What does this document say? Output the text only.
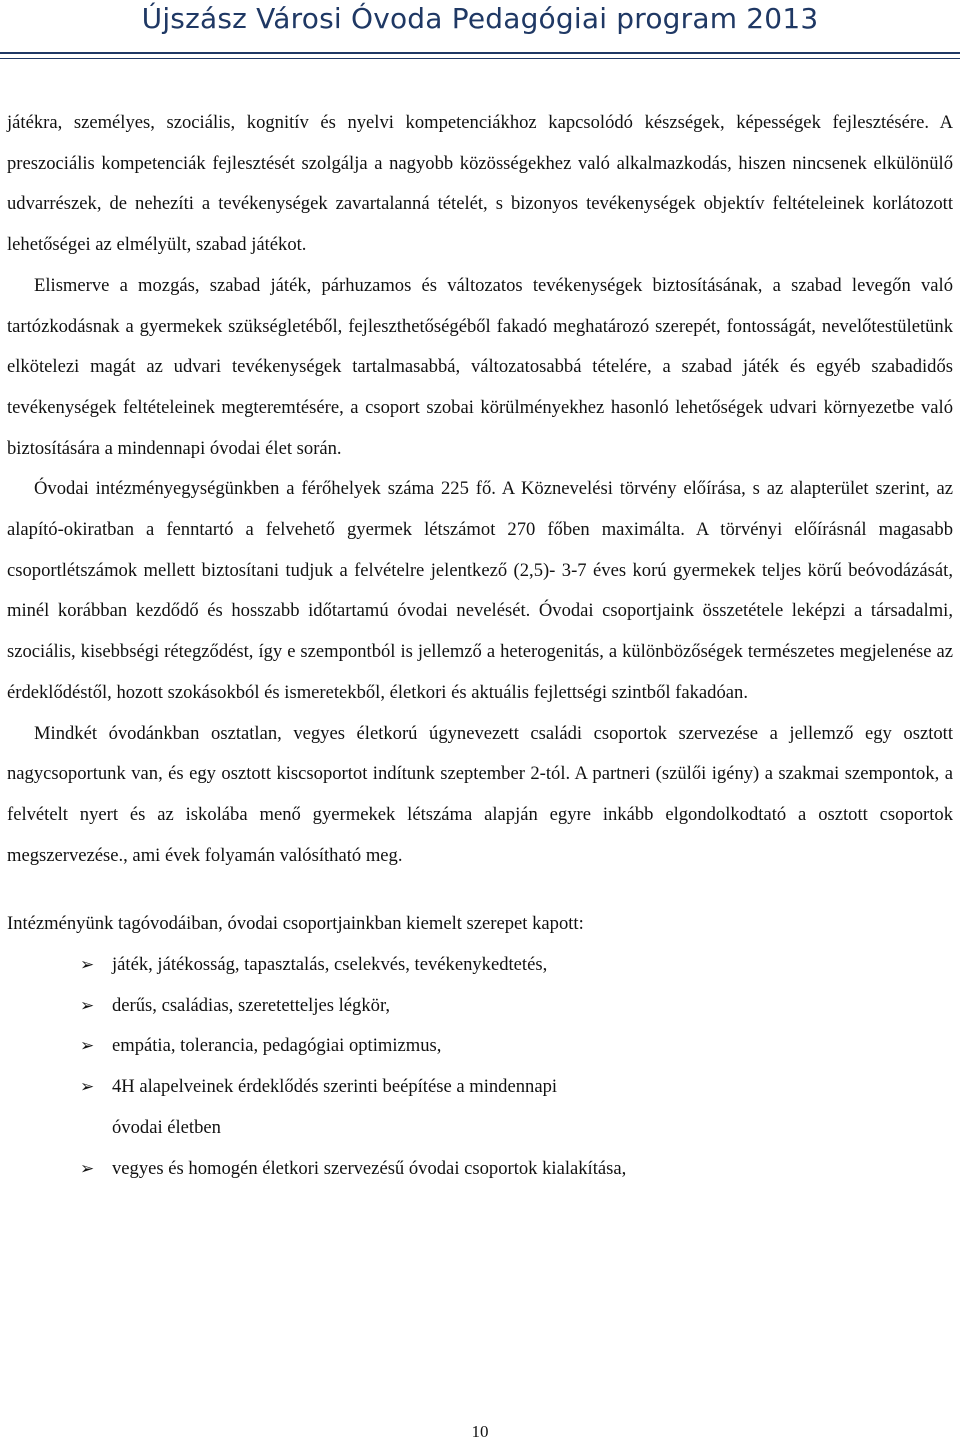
Újszász Városi Óvoda Pedagógiai program 2013

játékra, személyes, szociális, kognitív és nyelvi kompetenciákhoz kapcsolódó készségek, képességek fejlesztésére. A preszociális kompetenciák fejlesztését szolgálja a nagyobb közösségekhez való alkalmazkodás, hiszen nincsenek elkülönülő udvarrészek, de nehezíti a tevékenységek zavartalanná tételét, s bizonyos tevékenységek objektív feltételeinek korlátozott lehetőségei az elmélyült, szabad játékot.

Elismerve a mozgás, szabad játék, párhuzamos és változatos tevékenységek biztosításának, a szabad levegőn való tartózkodásnak a gyermekek szükségletéből, fejleszthetőségéből fakadó meghatározó szerepét, fontosságát, nevelőtestületünk elkötelezi magát az udvari tevékenységek tartalmasabbá, változatosabbá tételére, a szabad játék és egyéb szabadidős tevékenységek feltételeinek megteremtésére, a csoport szobai körülményekhez hasonló lehetőségek udvari környezetbe való biztosítására a mindennapi óvodai élet során.

Óvodai intézményegységünkben a férőhelyek száma 225 fő. A Köznevelési törvény előírása, s az alapterület szerint, az alapító-okiratban a fenntartó a felvehető gyermek létszámot 270 főben maximálta. A törvényi előírásnál magasabb csoportlétszámok mellett biztosítani tudjuk a felvételre jelentkező (2,5)- 3-7 éves korú gyermekek teljes körű beóvodázását, minél korábban kezdődő és hosszabb időtartamú óvodai nevelését. Óvodai csoportjaink összetétele leképzi a társadalmi, szociális, kisebbségi rétegződést, így e szempontból is jellemző a heterogenitás, a különbözőségek természetes megjelenése az érdeklődéstől, hozott szokásokból és ismeretekből, életkori és aktuális fejlettségi szintből fakadóan.

Mindkét óvodánkban osztatlan, vegyes életkorú úgynevezett családi csoportok szervezése a jellemző egy osztott nagycsoportunk van, és egy osztott kiscsoportot indítunk szeptember 2-tól. A partneri (szülői igény) a szakmai szempontok, a felvételt nyert és az iskolába menő gyermekek létszáma alapján egyre inkább elgondolkodtató a osztott csoportok megszervezése., ami évek folyamán valósítható meg.

Intézményünk tagóvodáiban, óvodai csoportjainkban kiemelt szerepet kapott:

➢ játék, játékosság, tapasztalás, cselekvés, tevékenykedtetés,
➢ derűs, családias, szeretetteljes légkör,
➢ empátia, tolerancia, pedagógiai optimizmus,
➢ 4H alapelveinek érdeklődés szerinti beépítése a mindennapi óvodai életben
➢ vegyes és homogén életkori szervezésű óvodai csoportok kialakítása,
10
